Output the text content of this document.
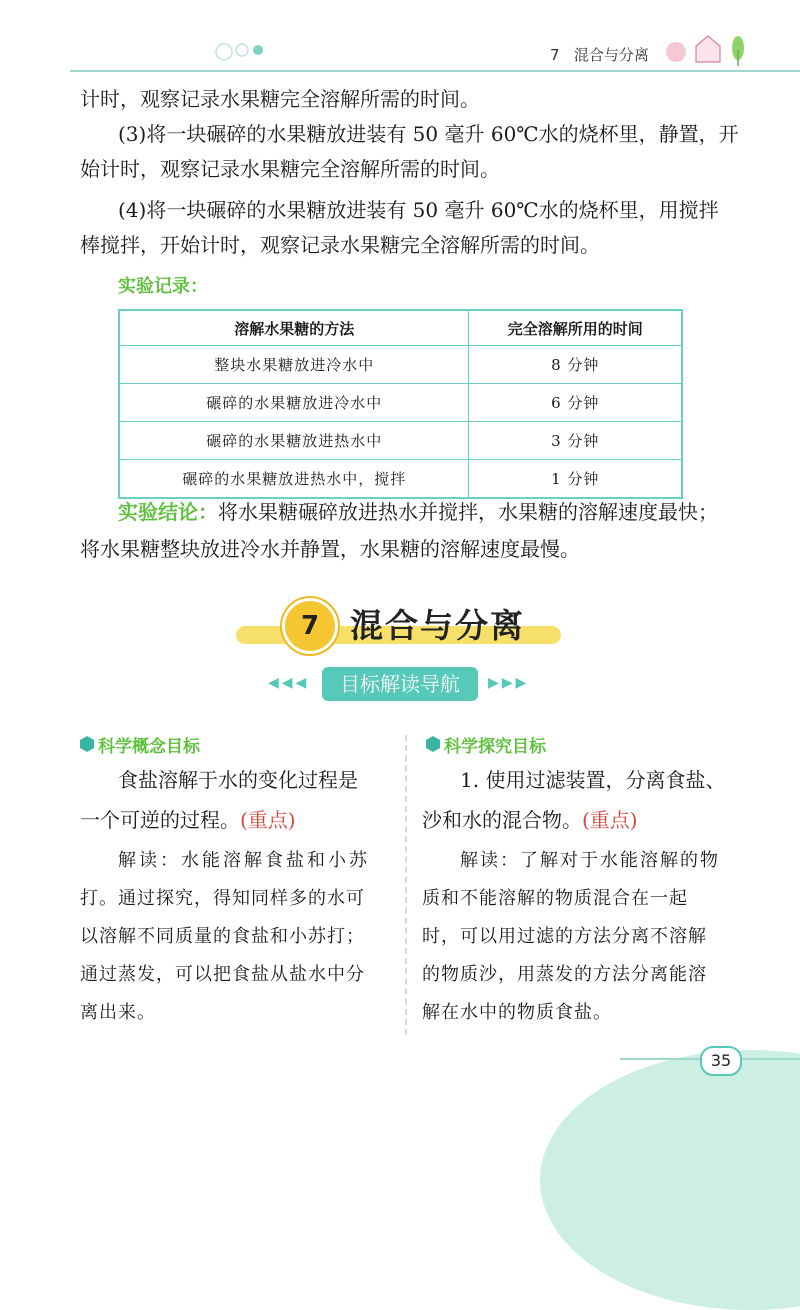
7 混合与分离
计时，观察记录水果糖完全溶解所需的时间。
(3)将一块碾碎的水果糖放进装有 50 毫升 60℃水的烧杯里，静置，开
始计时，观察记录水果糖完全溶解所需的时间。
(4)将一块碾碎的水果糖放进装有 50 毫升 60℃水的烧杯里，用搅拌
棒搅拌，开始计时，观察记录水果糖完全溶解所需的时间。
实验记录：
溶解水果糖的方法	完全溶解所用的时间
整块水果糖放进冷水中	8 分钟
碾碎的水果糖放进冷水中	6 分钟
碾碎的水果糖放进热水中	3 分钟
碾碎的水果糖放进热水中，搅拌	1 分钟
实验结论：将水果糖碾碎放进热水并搅拌，水果糖的溶解速度最快；
将水果糖整块放进冷水并静置，水果糖的溶解速度最慢。
7 混合与分离
◀◀◀	目标解读导航	▶▶▶
科学概念目标
食盐溶解于水的变化过程是
一个可逆的过程。(重点)
解读：水能溶解食盐和小苏
打。通过探究，得知同样多的水可
以溶解不同质量的食盐和小苏打；
通过蒸发，可以把食盐从盐水中分
离出来。
科学探究目标
1. 使用过滤装置，分离食盐、
沙和水的混合物。(重点)
解读：了解对于水能溶解的物
质和不能溶解的物质混合在一起
时，可以用过滤的方法分离不溶解
的物质沙，用蒸发的方法分离能溶
解在水中的物质食盐。
35
